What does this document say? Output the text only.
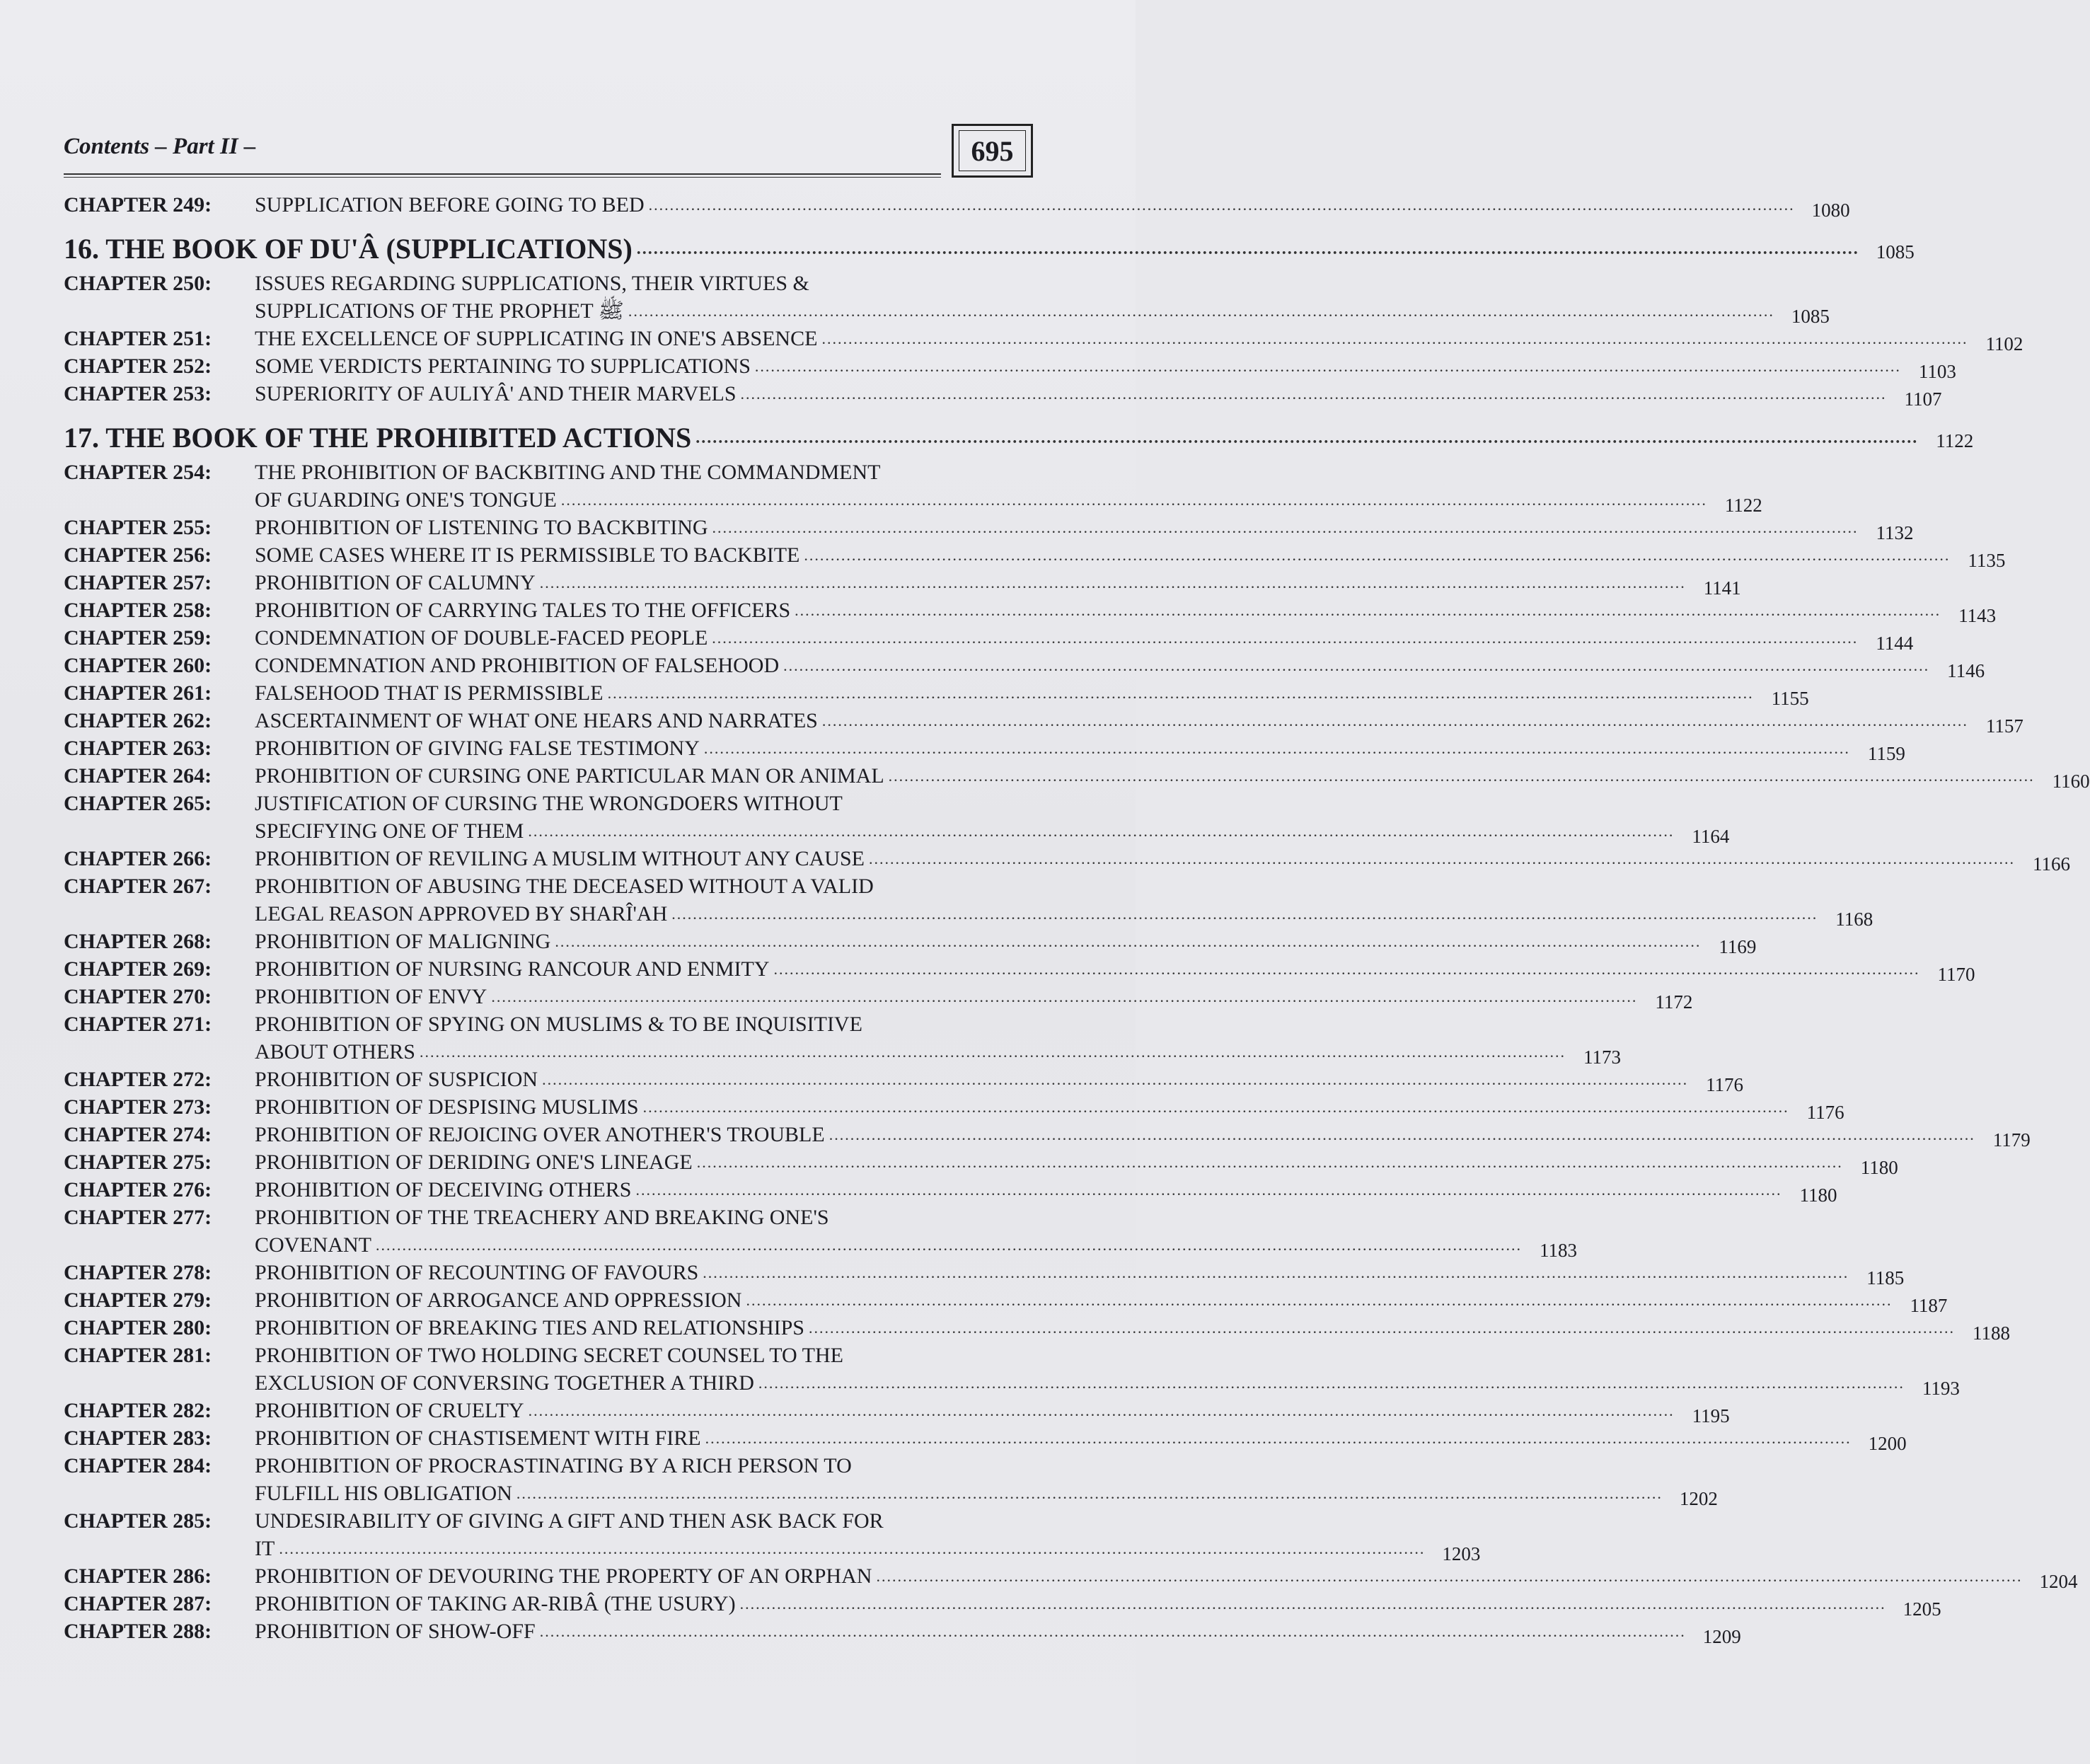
Contents – Part II –	695
CHAPTER 249:	SUPPLICATION BEFORE GOING TO BED .....	1080
16. THE BOOK OF DU'Â (SUPPLICATIONS) .....	1085
CHAPTER 250:	ISSUES REGARDING SUPPLICATIONS, THEIR VIRTUES &
SUPPLICATIONS OF THE PROPHET ﷺ .....	1085
CHAPTER 251:	THE EXCELLENCE OF SUPPLICATING IN ONE'S ABSENCE .....	1102
CHAPTER 252:	SOME VERDICTS PERTAINING TO SUPPLICATIONS .....	1103
CHAPTER 253:	SUPERIORITY OF AULIYÂ' AND THEIR MARVELS .....	1107
17. THE BOOK OF THE PROHIBITED ACTIONS .....	1122
CHAPTER 254:	THE PROHIBITION OF BACKBITING AND THE COMMANDMENT
OF GUARDING ONE'S TONGUE .....	1122
CHAPTER 255:	PROHIBITION OF LISTENING TO BACKBITING .....	1132
CHAPTER 256:	SOME CASES WHERE IT IS PERMISSIBLE TO BACKBITE .....	1135
CHAPTER 257:	PROHIBITION OF CALUMNY .....	1141
CHAPTER 258:	PROHIBITION OF CARRYING TALES TO THE OFFICERS .....	1143
CHAPTER 259:	CONDEMNATION OF DOUBLE-FACED PEOPLE .....	1144
CHAPTER 260:	CONDEMNATION AND PROHIBITION OF FALSEHOOD .....	1146
CHAPTER 261:	FALSEHOOD THAT IS PERMISSIBLE .....	1155
CHAPTER 262:	ASCERTAINMENT OF WHAT ONE HEARS AND NARRATES .....	1157
CHAPTER 263:	PROHIBITION OF GIVING FALSE TESTIMONY .....	1159
CHAPTER 264:	PROHIBITION OF CURSING ONE PARTICULAR MAN OR ANIMAL .....	1160
CHAPTER 265:	JUSTIFICATION OF CURSING THE WRONGDOERS WITHOUT
SPECIFYING ONE OF THEM .....	1164
CHAPTER 266:	PROHIBITION OF REVILING A MUSLIM WITHOUT ANY CAUSE .....	1166
CHAPTER 267:	PROHIBITION OF ABUSING THE DECEASED WITHOUT A VALID
LEGAL REASON APPROVED BY SHARÎ'AH .....	1168
CHAPTER 268:	PROHIBITION OF MALIGNING .....	1169
CHAPTER 269:	PROHIBITION OF NURSING RANCOUR AND ENMITY .....	1170
CHAPTER 270:	PROHIBITION OF ENVY .....	1172
CHAPTER 271:	PROHIBITION OF SPYING ON MUSLIMS & TO BE INQUISITIVE
ABOUT OTHERS .....	1173
CHAPTER 272:	PROHIBITION OF SUSPICION .....	1176
CHAPTER 273:	PROHIBITION OF DESPISING MUSLIMS .....	1176
CHAPTER 274:	PROHIBITION OF REJOICING OVER ANOTHER'S TROUBLE .....	1179
CHAPTER 275:	PROHIBITION OF DERIDING ONE'S LINEAGE .....	1180
CHAPTER 276:	PROHIBITION OF DECEIVING OTHERS .....	1180
CHAPTER 277:	PROHIBITION OF THE TREACHERY AND BREAKING ONE'S
COVENANT .....	1183
CHAPTER 278:	PROHIBITION OF RECOUNTING OF FAVOURS .....	1185
CHAPTER 279:	PROHIBITION OF ARROGANCE AND OPPRESSION .....	1187
CHAPTER 280:	PROHIBITION OF BREAKING TIES AND RELATIONSHIPS .....	1188
CHAPTER 281:	PROHIBITION OF TWO HOLDING SECRET COUNSEL TO THE
EXCLUSION OF CONVERSING TOGETHER A THIRD .....	1193
CHAPTER 282:	PROHIBITION OF CRUELTY .....	1195
CHAPTER 283:	PROHIBITION OF CHASTISEMENT WITH FIRE .....	1200
CHAPTER 284:	PROHIBITION OF PROCRASTINATING BY A RICH PERSON TO
FULFILL HIS OBLIGATION .....	1202
CHAPTER 285:	UNDESIRABILITY OF GIVING A GIFT AND THEN ASK BACK FOR
IT .....	1203
CHAPTER 286:	PROHIBITION OF DEVOURING THE PROPERTY OF AN ORPHAN .....	1204
CHAPTER 287:	PROHIBITION OF TAKING AR-RIBÂ (THE USURY) .....	1205
CHAPTER 288:	PROHIBITION OF SHOW-OFF .....	1209
